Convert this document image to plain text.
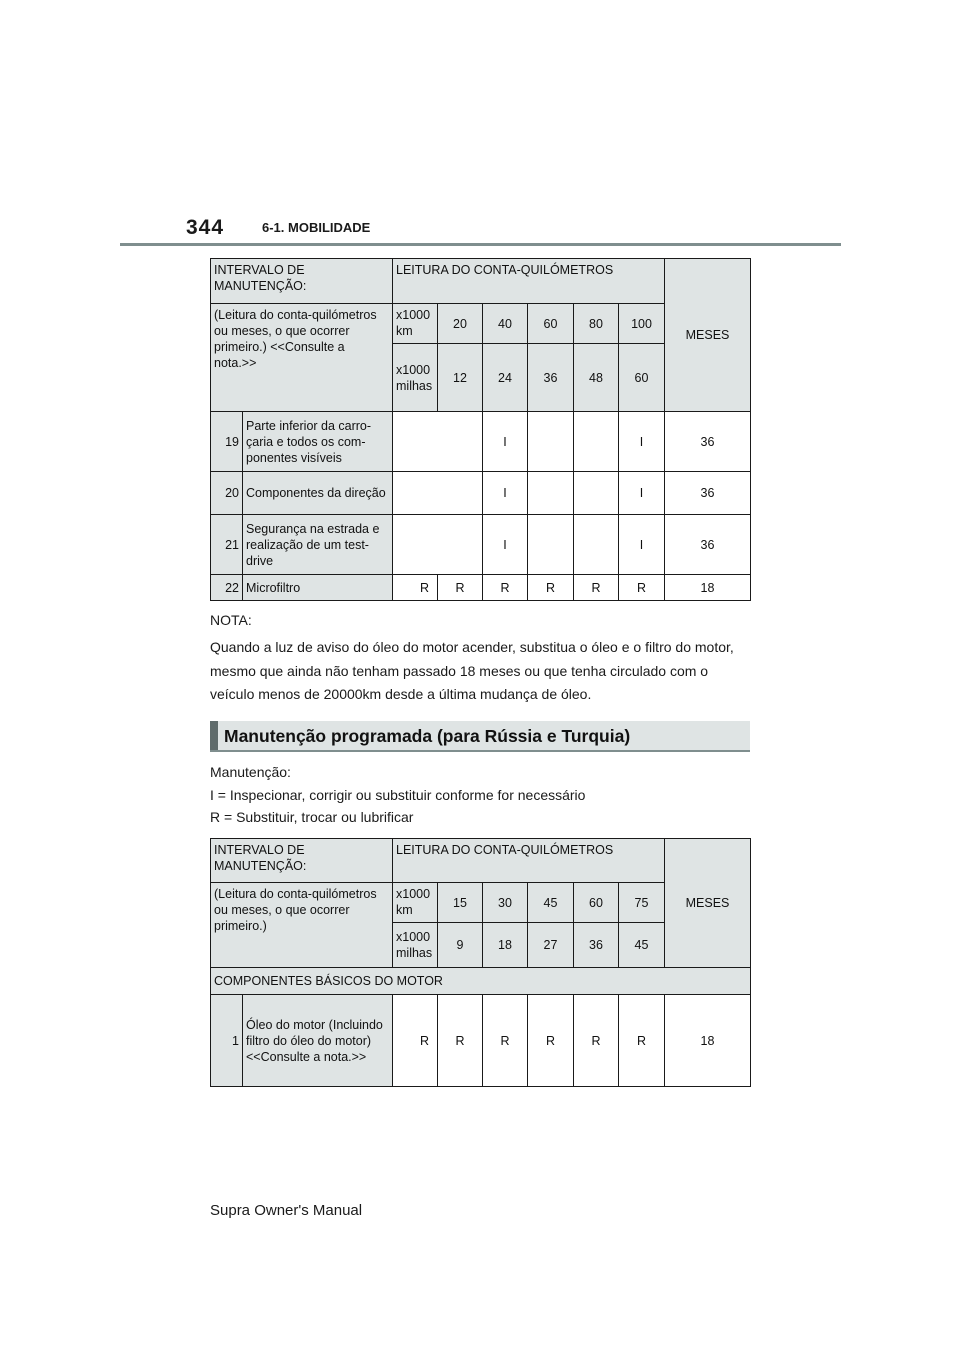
344	6-1. MOBILIDADE
INTERVALO DE MANUTENÇÃO:		LEITURA DO CONTA-QUILÓMETROS						MESES	
(Leitura do conta-quilómetros ou meses, o que ocorrer primeiro.) <<Consulte a nota.>>		x1000 km	20	40	60	80	100	
		x1000 milhas	12	24	36	48	60	
19	Parte inferior da carro-çaria e todos os com-ponentes visíveis			I			I	36	
20	Componentes da direção			I			I	36	
21	Segurança na estrada e realização de um test-drive			I			I	36	
22	Microfiltro	R	R	R	R	R	R	18	
NOTA:
Quando a luz de aviso do óleo do motor acender, substitua o óleo e o filtro do motor, mesmo que ainda não tenham passado 18 meses ou que tenha circulado com o veículo menos de 20000km desde a última mudança de óleo.
Manutenção programada (para Rússia e Turquia)
Manutenção:
I = Inspecionar, corrigir ou substituir conforme for necessário
R = Substituir, trocar ou lubrificar
INTERVALO DE MANUTENÇÃO:		LEITURA DO CONTA-QUILÓMETROS						MESES	
(Leitura do conta-quilómetros ou meses, o que ocorrer primeiro.)		x1000 km	15	30	45	60	75	
		x1000 milhas	9	18	27	36	45	
COMPONENTES BÁSICOS DO MOTOR									
1	Óleo do motor (Incluindo filtro do óleo do motor) <<Consulte a nota.>>	R	R	R	R	R	R	18	
Supra Owner's Manual
